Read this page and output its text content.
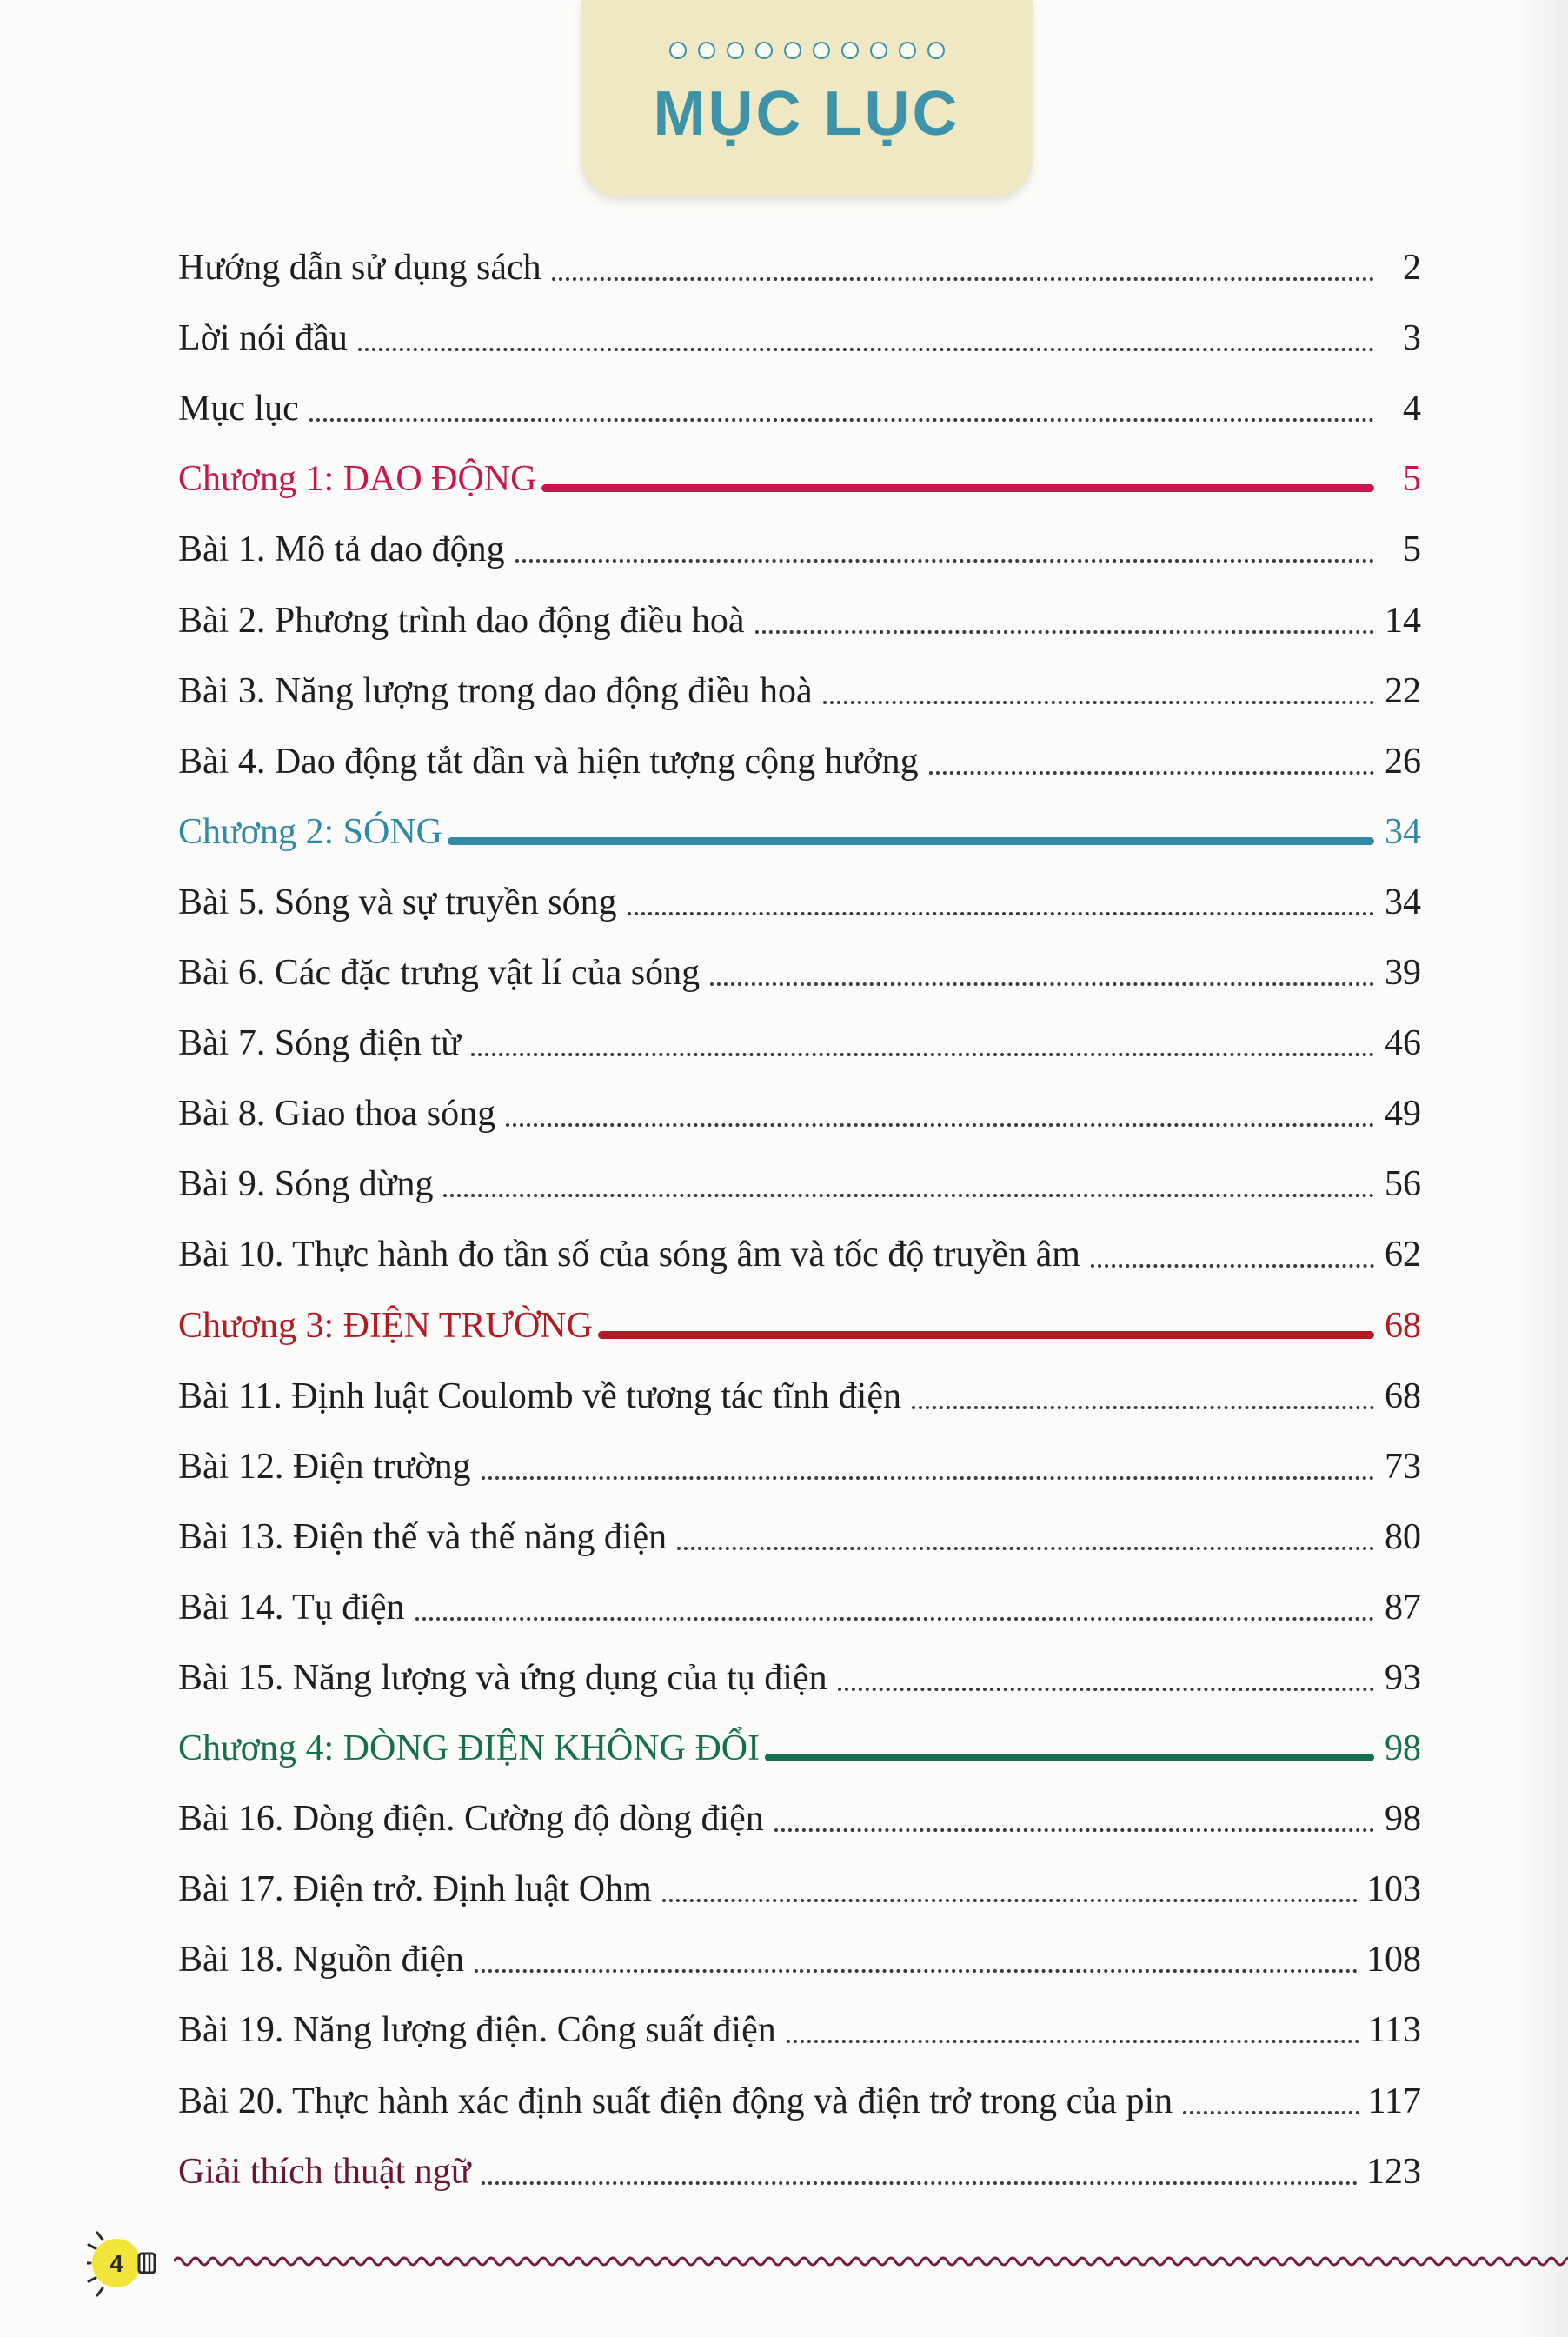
MỤC LỤC
Hướng dẫn sử dụng sách	2
Lời nói đầu	3
Mục lục	4
Chương 1: DAO ĐỘNG	5
Bài 1. Mô tả dao động	5
Bài 2. Phương trình dao động điều hoà	14
Bài 3. Năng lượng trong dao động điều hoà	22
Bài 4. Dao động tắt dần và hiện tượng cộng hưởng	26
Chương 2: SÓNG	34
Bài 5. Sóng và sự truyền sóng	34
Bài 6. Các đặc trưng vật lí của sóng	39
Bài 7. Sóng điện từ	46
Bài 8. Giao thoa sóng	49
Bài 9. Sóng dừng	56
Bài 10. Thực hành đo tần số của sóng âm và tốc độ truyền âm	62
Chương 3: ĐIỆN TRƯỜNG	68
Bài 11. Định luật Coulomb về tương tác tĩnh điện	68
Bài 12. Điện trường	73
Bài 13. Điện thế và thế năng điện	80
Bài 14. Tụ điện	87
Bài 15. Năng lượng và ứng dụng của tụ điện	93
Chương 4: DÒNG ĐIỆN KHÔNG ĐỔI	98
Bài 16. Dòng điện. Cường độ dòng điện	98
Bài 17. Điện trở. Định luật Ohm	103
Bài 18. Nguồn điện	108
Bài 19. Năng lượng điện. Công suất điện	113
Bài 20. Thực hành xác định suất điện động và điện trở trong của pin	117
Giải thích thuật ngữ	123
4
